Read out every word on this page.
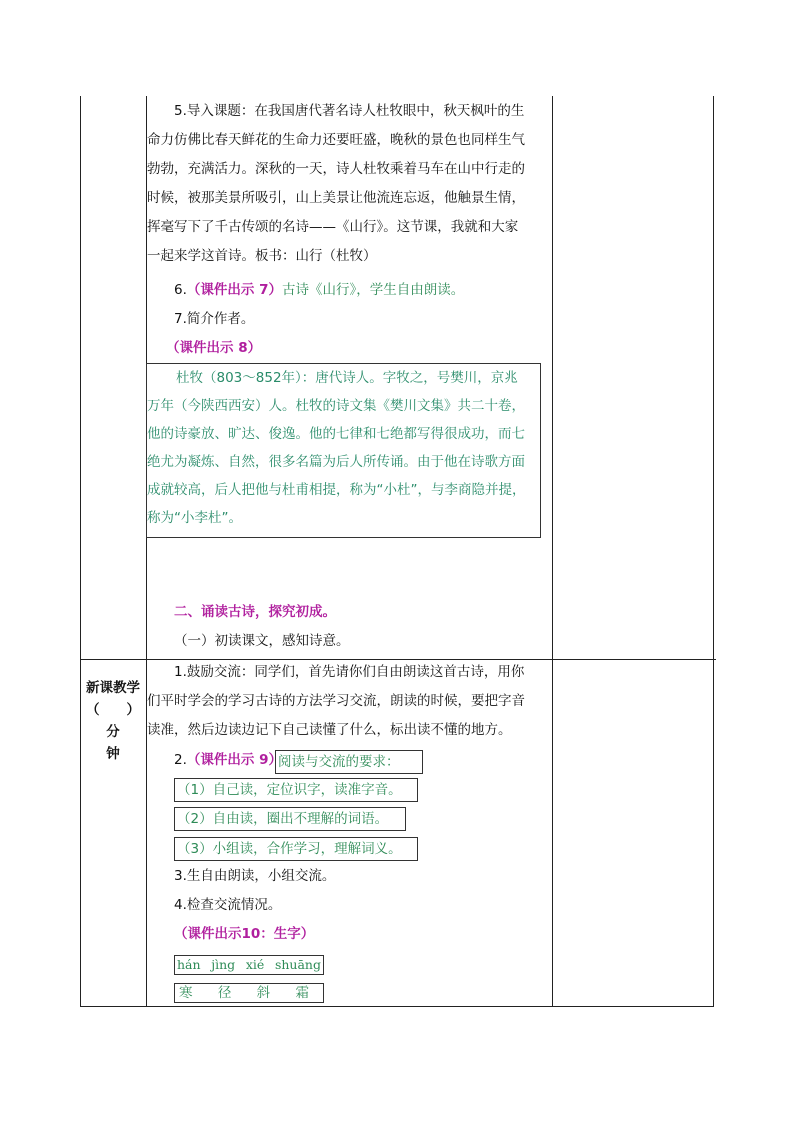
5.导入课题：在我国唐代著名诗人杜牧眼中，秋天枫叶的生
命力仿佛比春天鲜花的生命力还要旺盛，晚秋的景色也同样生气
勃勃，充满活力。深秋的一天，诗人杜牧乘着马车在山中行走的
时候，被那美景所吸引，山上美景让他流连忘返，他触景生情，
挥毫写下了千古传颂的名诗——《山行》。这节课，我就和大家
一起来学这首诗。板书：山行（杜牧）
6.（课件出示 7）古诗《山行》，学生自由朗读。
7.简介作者。
（课件出示 8）
杜牧（803～852年）：唐代诗人。字牧之，号樊川，京兆
万年（今陕西西安）人。杜牧的诗文集《樊川文集》共二十卷，
他的诗豪放、旷达、俊逸。他的七律和七绝都写得很成功，而七
绝尤为凝炼、自然，很多名篇为后人所传诵。由于他在诗歌方面
成就较高，后人把他与杜甫相提，称为“小杜”，与李商隐并提，
称为“小李杜”。
二、诵读古诗，探究初成。
（一）初读课文，感知诗意。
新课教学
（　　）分
钟
1.鼓励交流：同学们，首先请你们自由朗读这首古诗，用你
们平时学会的学习古诗的方法学习交流，朗读的时候，要把字音
读准，然后边读边记下自己读懂了什么，标出读不懂的地方。
2.（课件出示 9）
阅读与交流的要求：
（1）自己读，定位识字，读准字音。
（2）自由读，圈出不理解的词语。
（3）小组读，合作学习，理解词义。
3.生自由朗读，小组交流。
4.检查交流情况。
（课件出示10：生字）
hán jìng xié shuāng
寒 径 斜 霜
